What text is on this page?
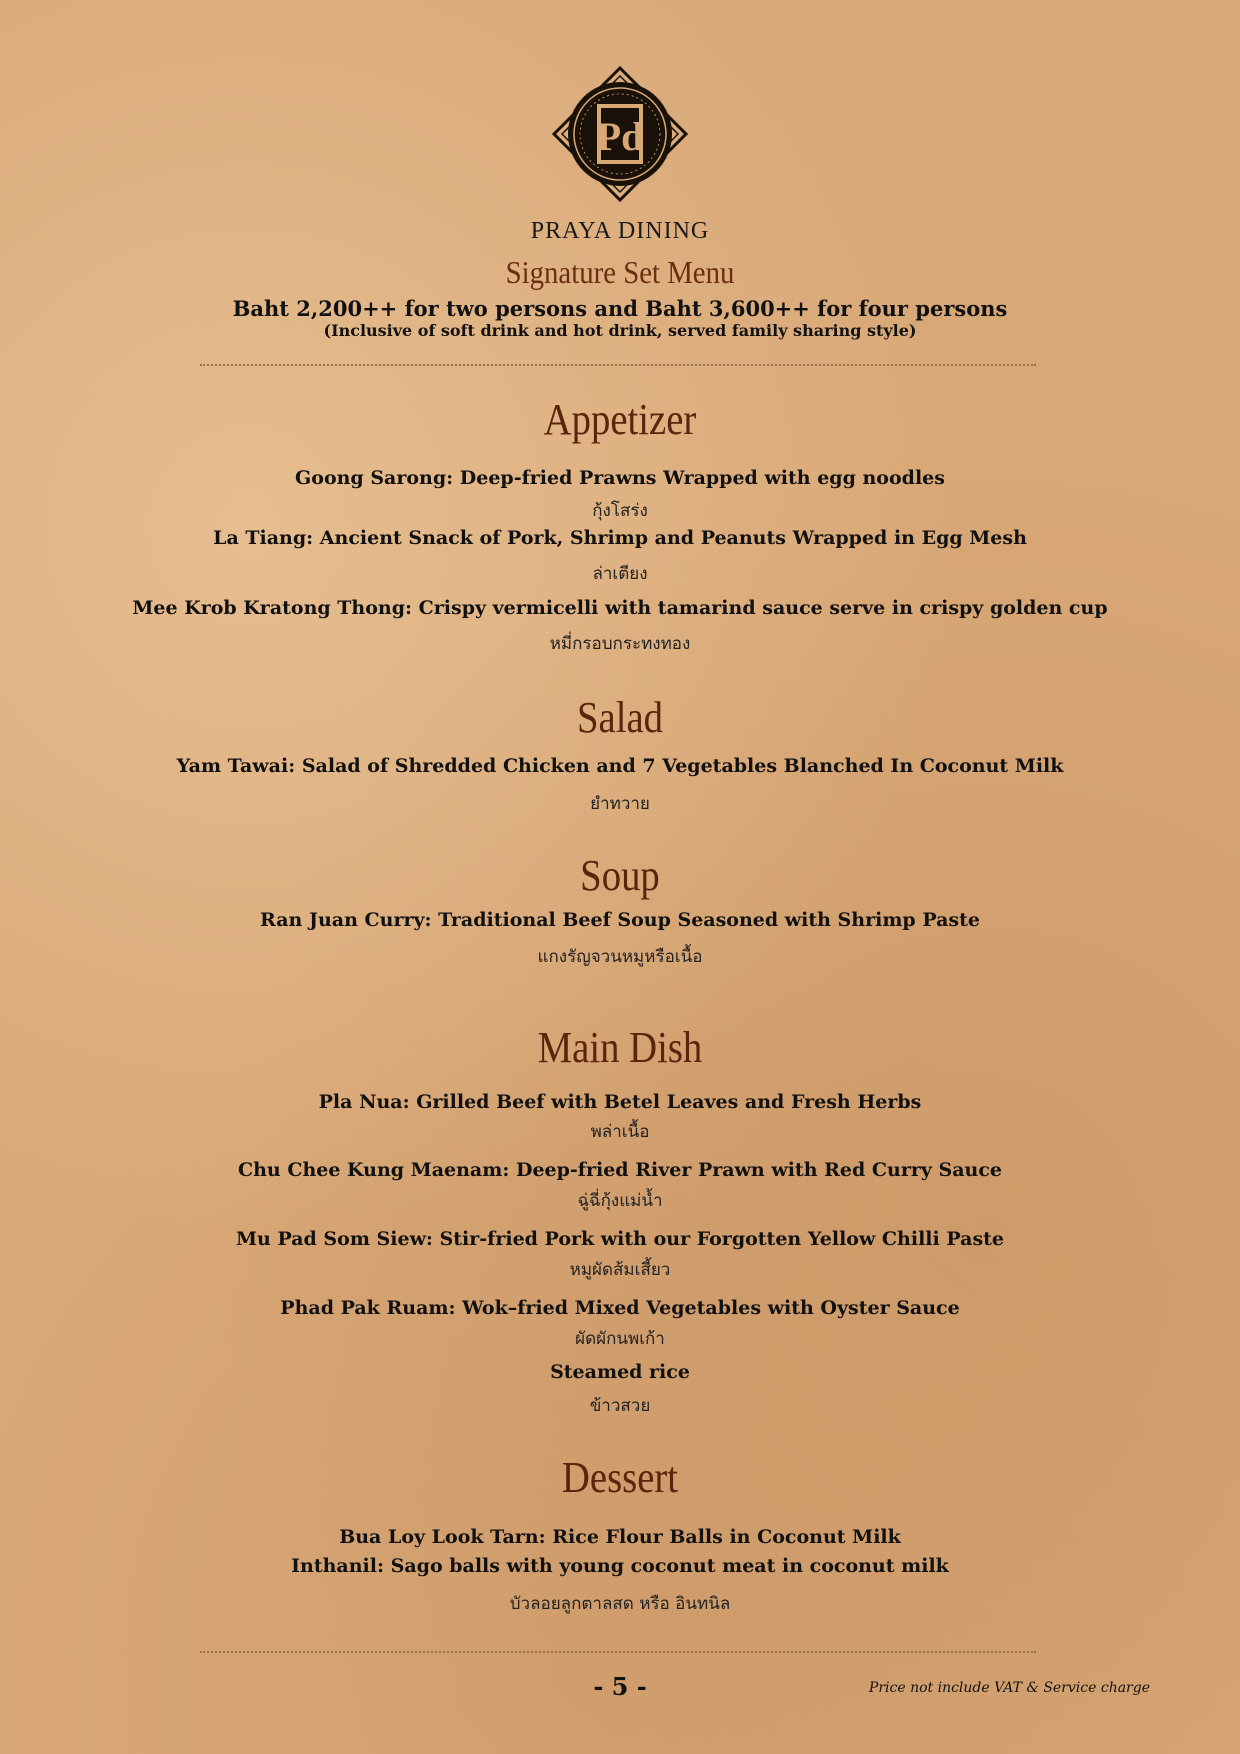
Pd
PRAYA DINING
Signature Set Menu
Baht 2,200++ for two persons and Baht 3,600++ for four persons
(Inclusive of soft drink and hot drink, served family sharing style)
Appetizer
Goong Sarong: Deep-fried Prawns Wrapped with egg noodles
กุ้งโสร่ง
La Tiang: Ancient Snack of Pork, Shrimp and Peanuts Wrapped in Egg Mesh
ล่าเตียง
Mee Krob Kratong Thong: Crispy vermicelli with tamarind sauce serve in crispy golden cup
หมี่กรอบกระทงทอง
Salad
Yam Tawai: Salad of Shredded Chicken and 7 Vegetables Blanched In Coconut Milk
ยำทวาย
Soup
Ran Juan Curry: Traditional Beef Soup Seasoned with Shrimp Paste
แกงรัญจวนหมูหรือเนื้อ
Main Dish
Pla Nua: Grilled Beef with Betel Leaves and Fresh Herbs
พล่าเนื้อ
Chu Chee Kung Maenam: Deep-fried River Prawn with Red Curry Sauce
ฉู่ฉี่กุ้งแม่น้ำ
Mu Pad Som Siew: Stir-fried Pork with our Forgotten Yellow Chilli Paste
หมูผัดส้มเสี้ยว
Phad Pak Ruam: Wok–fried Mixed Vegetables with Oyster Sauce
ผัดผักนพเก้า
Steamed rice
ข้าวสวย
Dessert
Bua Loy Look Tarn: Rice Flour Balls in Coconut Milk
Inthanil: Sago balls with young coconut meat in coconut milk
บัวลอยลูกตาลสด หรือ อินทนิล
- 5 -	Price not include VAT & Service charge
